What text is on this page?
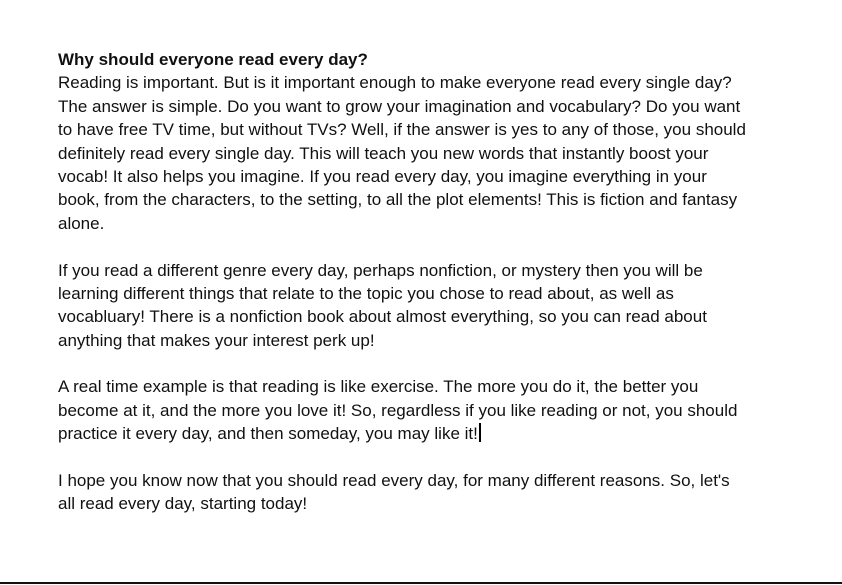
Why should everyone read every day?
Reading is important. But is it important enough to make everyone read every single day?
The answer is simple. Do you want to grow your imagination and vocabulary? Do you want
to have free TV time, but without TVs? Well, if the answer is yes to any of those, you should
definitely read every single day. This will teach you new words that instantly boost your
vocab! It also helps you imagine. If you read every day, you imagine everything in your
book, from the characters, to the setting, to all the plot elements! This is fiction and fantasy
alone.
If you read a different genre every day, perhaps nonfiction, or mystery then you will be
learning different things that relate to the topic you chose to read about, as well as
vocabluary! There is a nonfiction book about almost everything, so you can read about
anything that makes your interest perk up!
A real time example is that reading is like exercise. The more you do it, the better you
become at it, and the more you love it! So, regardless if you like reading or not, you should
practice it every day, and then someday, you may like it!
I hope you know now that you should read every day, for many different reasons. So, let's
all read every day, starting today!
